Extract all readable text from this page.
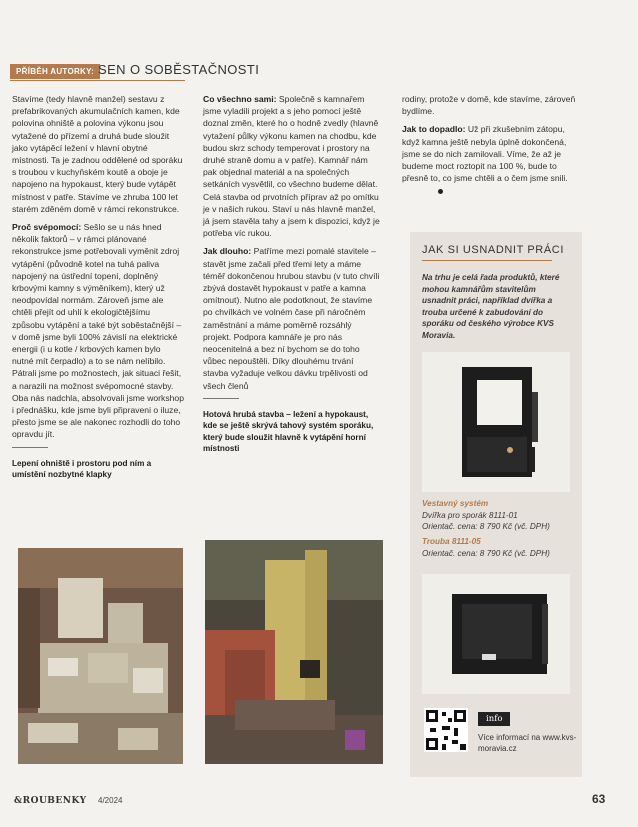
PŘÍBĚH AUTORKY: SEN O SOBĚSTAČNOSTI

Stavíme (tedy hlavně manžel) sestavu z prefabrikovaných akumulačních kamen, kde polovina ohniště a polovina výkonu jsou vytažené do přízemí a druhá bude sloužit jako vytápěcí ležení v hlavní obytné místnosti. Ta je zadnou oddělené od sporáku s troubou v kuchyňském koutě a oboje je napojeno na hypokaust, který bude vytápět místnost v patře. Stavíme ve zhruba 100 let starém zděném domě v rámci rekonstrukce.

Proč svépomocí: Sešlo se u nás hned několik faktorů – v rámci plánované rekonstrukce jsme potřebovali vyměnit zdroj vytápění (původně kotel na tuhá paliva napojený na ústřední topení, doplněný krbovými kamny s výměníkem), který už neodpovídal normám. Zároveň jsme ale chtěli přejít od uhlí k ekologičtějšímu způsobu vytápění a také být soběstačnější – v domě jsme byli 100% závislí na elektrické energii (i u kotle / krbových kamen bylo nutné mít čerpadlo) a to se nám nelíbilo. Pátrali jsme po možnostech, jak situaci řešit, a narazili na možnost svépomocné stavby. Oba nás nadchla, absolvovali jsme workshop i přednášku, kde jsme byli připraveni o iluze, přesto jsme se ale nakonec rozhodli do toho opravdu jít.

Lepení ohniště i prostoru pod ním a umístění nozbytné klapky

Co všechno sami: Společně s kamnařem jsme vyladili projekt a s jeho pomocí ještě doznal změn, které ho o hodně zvedly (hlavně vytažení půlky výkonu kamen na chodbu, kde budou skrz schody temperovat i prostory na druhé straně domu a v patře). Kamnář nám pak objednal materiál a na společných setkáních vysvětlil, co všechno budeme dělat. Celá stavba od prvotních příprav až po omítku je v našich rukou. Staví u nás hlavně manžel, já jsem stavěla tahy a jsem k dispozici, když je potřeba víc rukou.

Jak dlouho: Patříme mezi pomalé stavitele – stavět jsme začali před třemi lety a máme téměř dokončenou hrubou stavbu (v tuto chvíli zbývá dostavět hypokaust v patře a kamna omítnout). Nutno ale podotknout, že stavíme po chvílkách ve volném čase při náročném zaměstnání a máme poměrně rozsáhlý projekt. Podpora kamnáře je pro nás neocenitelná a bez ní bychom se do toho vůbec nepouštěli. Díky dlouhému trvání stavba vyžaduje velkou dávku trpělivosti od všech členů

Hotová hrubá stavba – ležení a hypokaust, kde se ještě skrývá tahový systém sporáku, který bude sloužit hlavně k vytápění horní místnosti

rodiny, protože v domě, kde stavíme, zároveň bydlíme.

Jak to dopadlo: Už při zkušebním zátopu, když kamna ještě nebyla úplně dokončená, jsme se do nich zamilovali. Víme, že až je budeme moct roztopit na 100 %, bude to přesně to, co jsme chtěli a o čem jsme snili.

JAK SI USNADNIT PRÁCI
Na trhu je celá řada produktů, které mohou kamnářům stavitelům usnadnit práci, například dvířka a trouba určené k zabudování do sporáku od českého výrobce KVS Moravia.
Vestavný systém
Dvířka pro sporák 8111-01
Orientač. cena: 8 790 Kč (vč. DPH)
Trouba 8111-05
Orientač. cena: 8 790 Kč (vč. DPH)
info
Více informací na www.kvs-moravia.cz
&ROUBENKY 4/2024	63
